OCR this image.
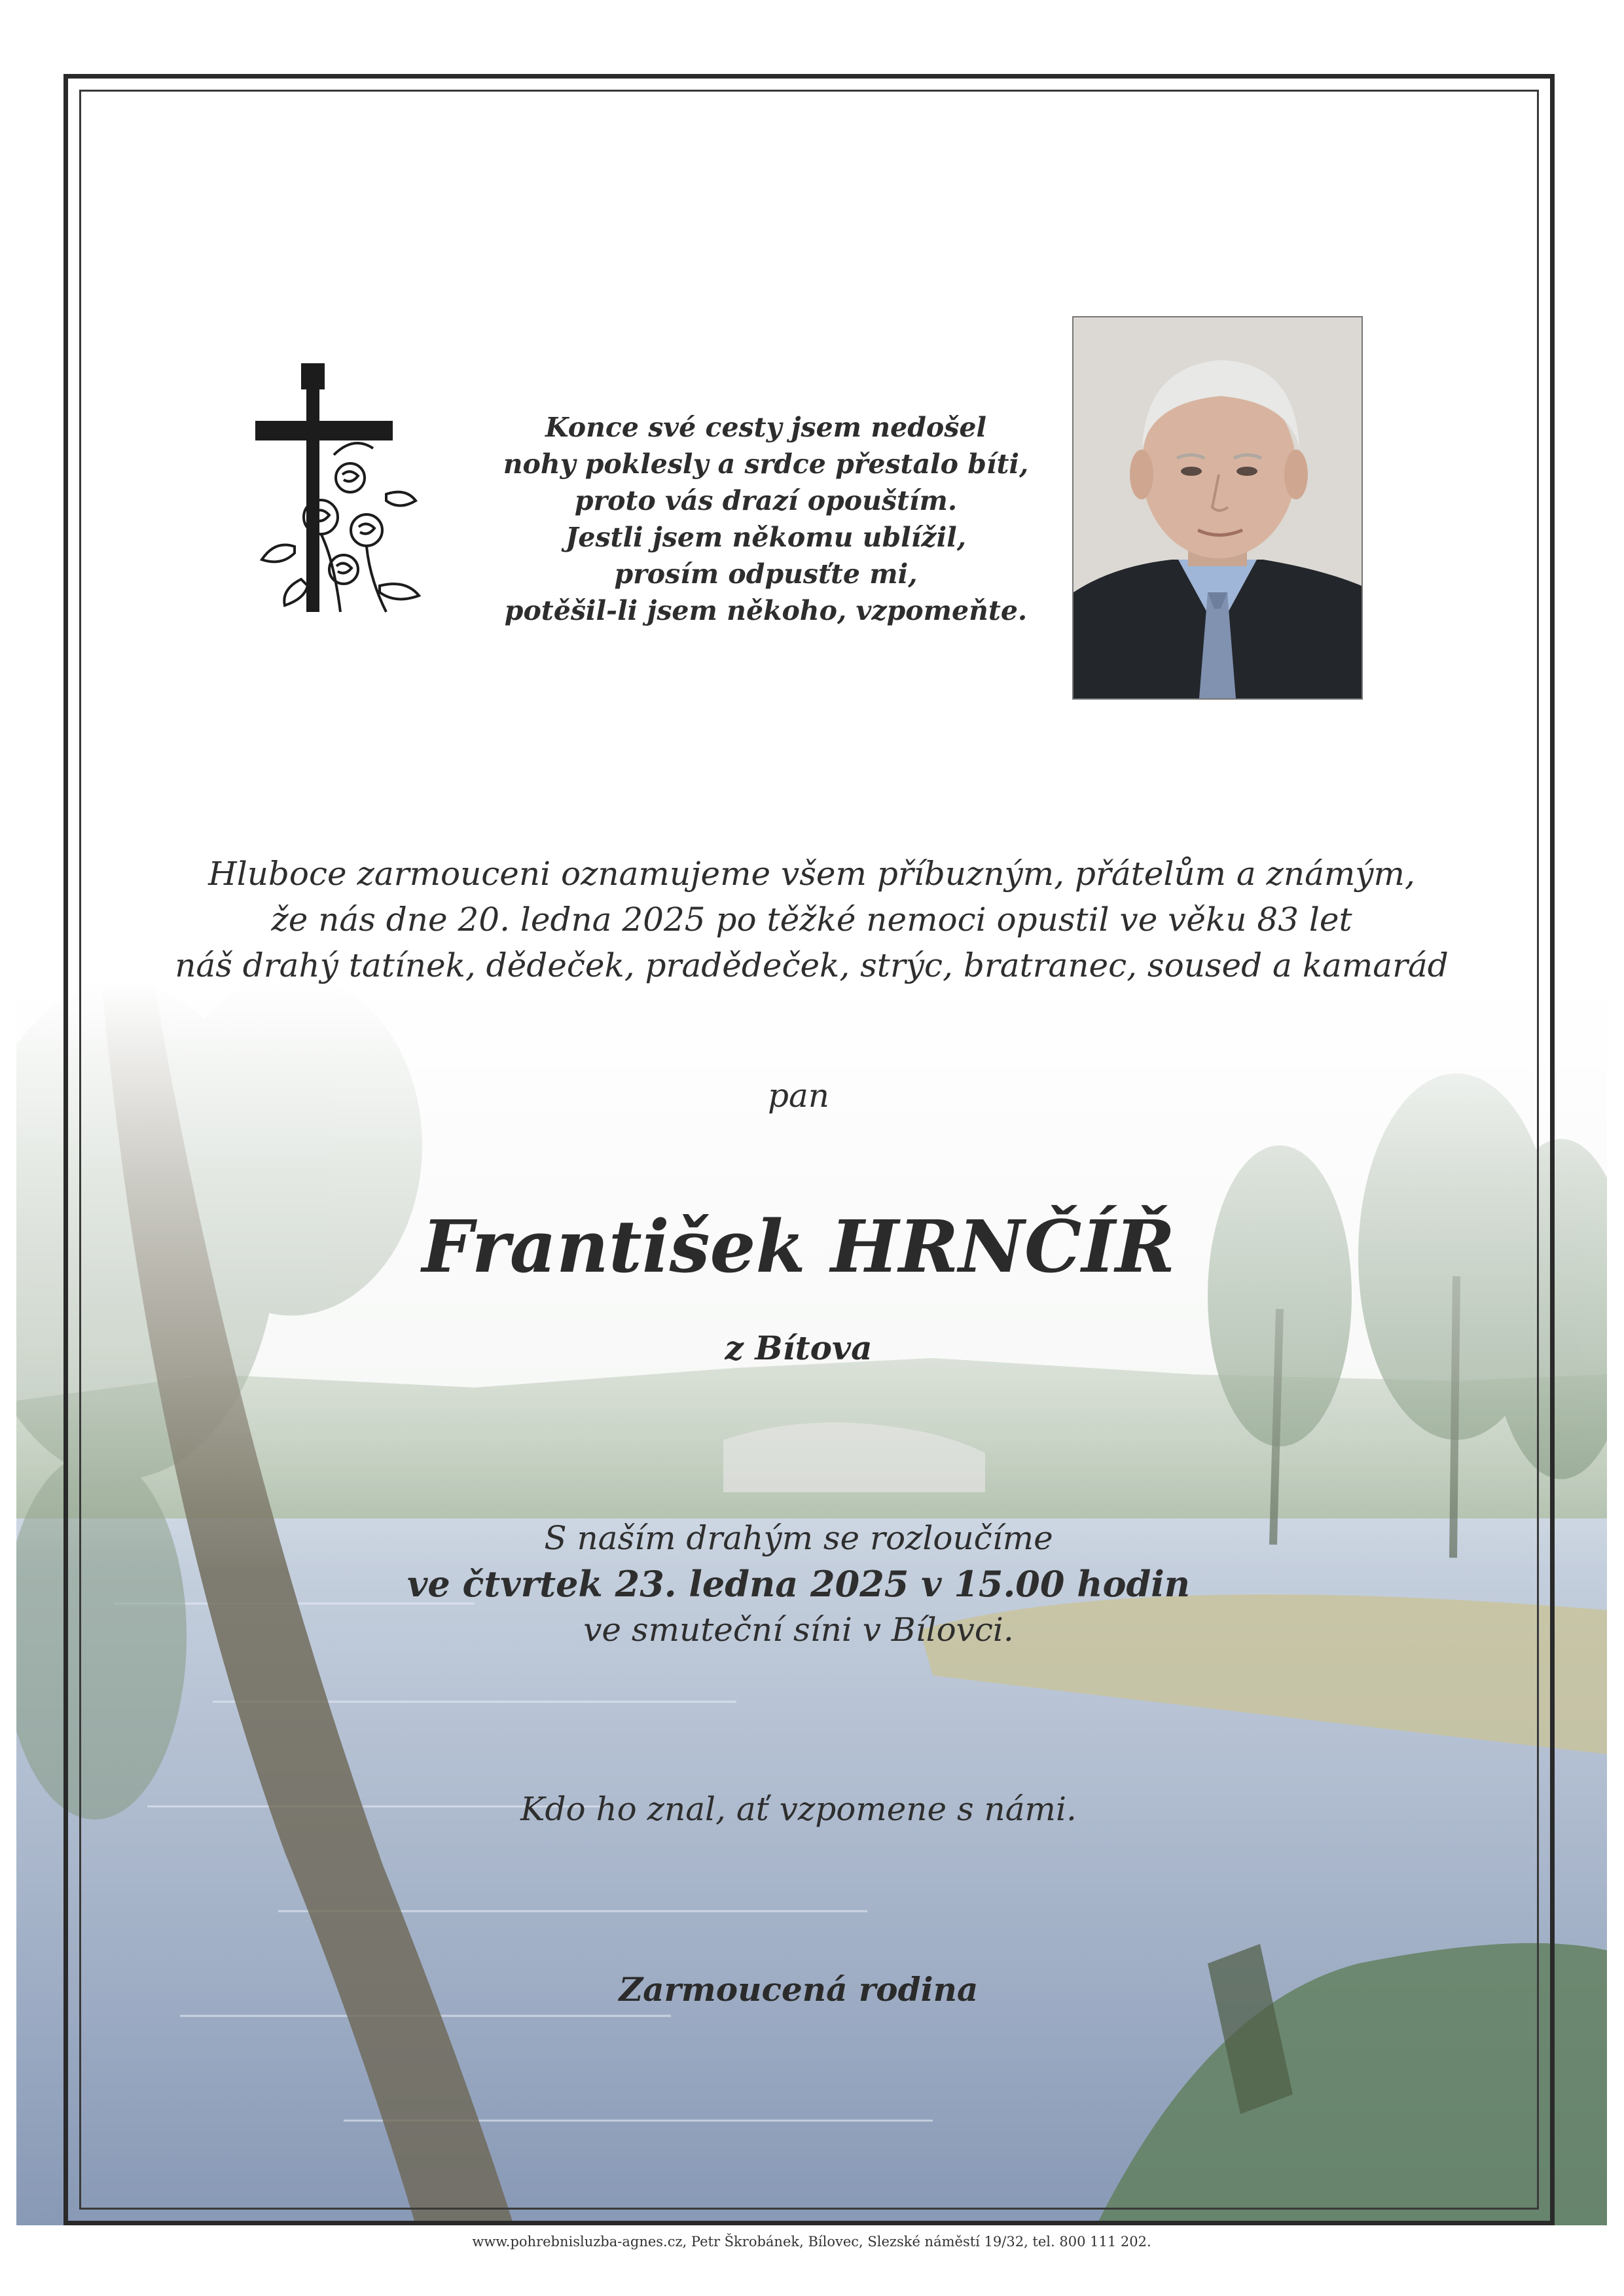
Konce své cesty jsem nedošel
nohy poklesly a srdce přestalo bíti,
proto vás drazí opouštím.
Jestli jsem někomu ublížil,
prosím odpusťte mi,
potěšil-li jsem někoho, vzpomeňte.
Hluboce zarmouceni oznamujeme všem příbuzným, přátelům a známým,
že nás dne 20. ledna 2025 po těžké nemoci opustil ve věku 83 let
náš drahý tatínek, dědeček, pradědeček, strýc, bratranec, soused a kamarád
pan
František HRNČÍŘ
z Bítova
S naším drahým se rozloučíme
ve čtvrtek 23. ledna 2025 v 15.00 hodin
ve smuteční síni v Bílovci.
Kdo ho znal, ať vzpomene s námi.
Zarmoucená rodina
www.pohrebnisluzba-agnes.cz, Petr Škrobánek, Bílovec, Slezské náměstí 19/32, tel. 800 111 202.
